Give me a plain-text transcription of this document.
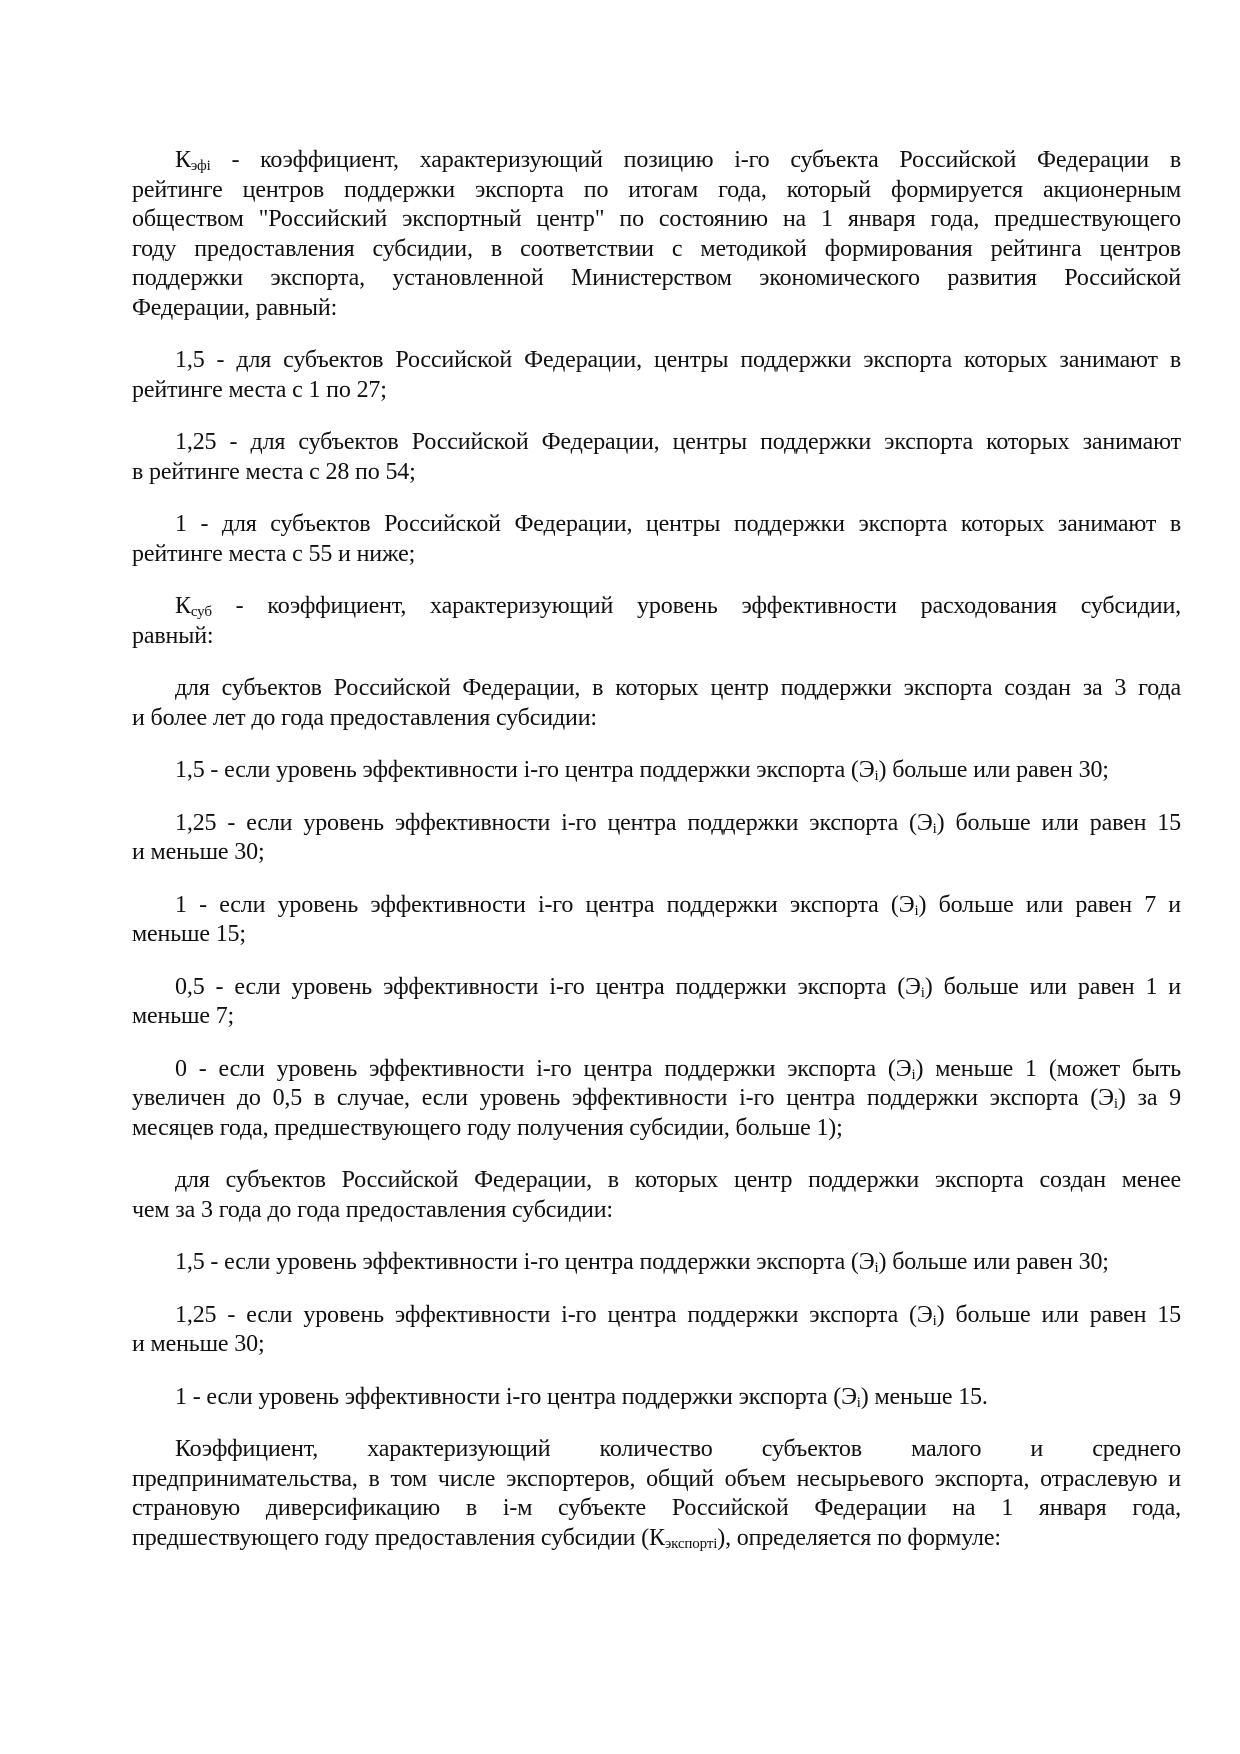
$К_{эфi}$ - коэффициент, характеризующий позицию i-го субъекта Российской Федерации в
рейтинге центров поддержки экспорта по итогам года, который формируется акционерным
обществом "Российский экспортный центр" по состоянию на 1 января года, предшествующего
году предоставления субсидии, в соответствии с методикой формирования рейтинга центров
поддержки экспорта, установленной Министерством экономического развития Российской
Федерации, равный:
1,5 - для субъектов Российской Федерации, центры поддержки экспорта которых занимают в
рейтинге места с 1 по 27;
1,25 - для субъектов Российской Федерации, центры поддержки экспорта которых занимают
в рейтинге места с 28 по 54;
1 - для субъектов Российской Федерации, центры поддержки экспорта которых занимают в
рейтинге места с 55 и ниже;
$К_{суб}$ - коэффициент, характеризующий уровень эффективности расходования субсидии,
равный:
для субъектов Российской Федерации, в которых центр поддержки экспорта создан за 3 года
и более лет до года предоставления субсидии:
1,5 - если уровень эффективности i-го центра поддержки экспорта $(Э_i)$ больше или равен 30;
1,25 - если уровень эффективности i-го центра поддержки экспорта $(Э_i)$ больше или равен 15
и меньше 30;
1 - если уровень эффективности i-го центра поддержки экспорта $(Э_i)$ больше или равен 7 и
меньше 15;
0,5 - если уровень эффективности i-го центра поддержки экспорта $(Э_i)$ больше или равен 1 и
меньше 7;
0 - если уровень эффективности i-го центра поддержки экспорта $(Э_i)$ меньше 1 (может быть
увеличен до 0,5 в случае, если уровень эффективности i-го центра поддержки экспорта $(Э_i)$ за 9
месяцев года, предшествующего году получения субсидии, больше 1);
для субъектов Российской Федерации, в которых центр поддержки экспорта создан менее
чем за 3 года до года предоставления субсидии:
1,5 - если уровень эффективности i-го центра поддержки экспорта $(Э_i)$ больше или равен 30;
1,25 - если уровень эффективности i-го центра поддержки экспорта $(Э_i)$ больше или равен 15
и меньше 30;
1 - если уровень эффективности i-го центра поддержки экспорта $(Э_i)$ меньше 15.
Коэффициент, характеризующий количество субъектов малого и среднего
предпринимательства, в том числе экспортеров, общий объем несырьевого экспорта, отраслевую и
страновую диверсификацию в i-м субъекте Российской Федерации на 1 января года,
предшествующего году предоставления субсидии $(К_{экспортi})$, определяется по формуле:
